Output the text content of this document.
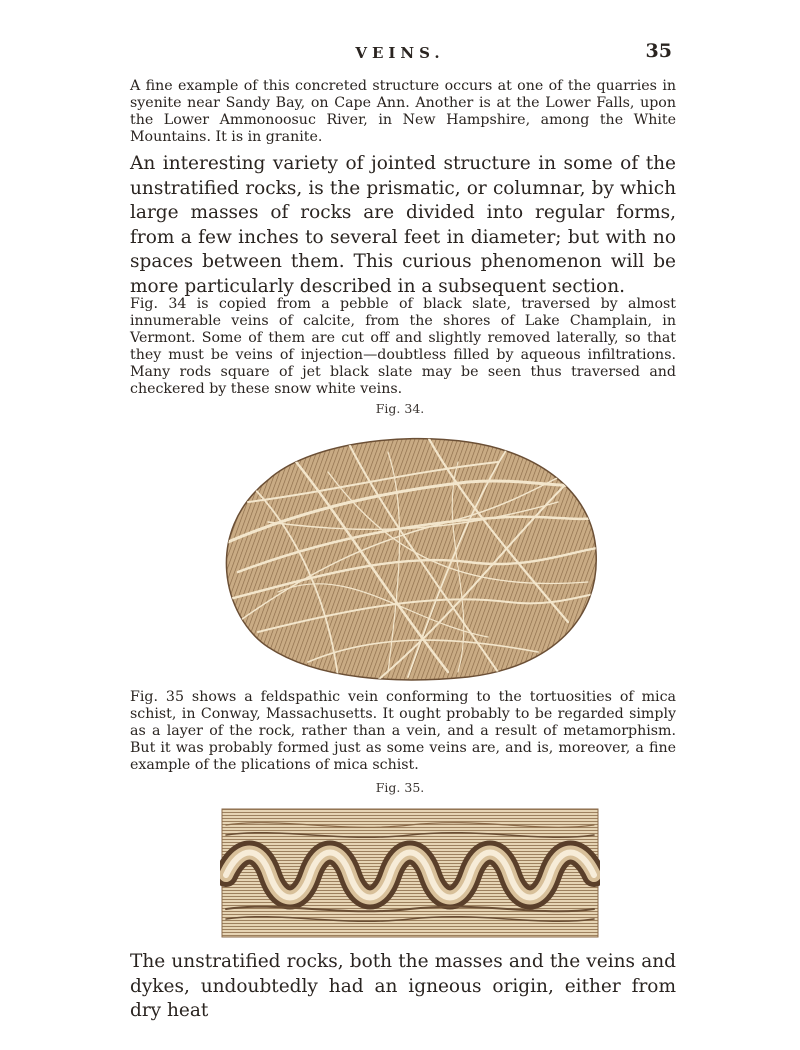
VEINS.	35

A fine example of this concreted structure occurs at one of the quarries in syenite near Sandy Bay, on Cape Ann. Another is at the Lower Falls, upon the Lower Ammonoosuc River, in New Hampshire, among the White Mountains. It is in granite.

An interesting variety of jointed structure in some of the unstratified rocks, is the prismatic, or columnar, by which large masses of rocks are divided into regular forms, from a few inches to several feet in diameter; but with no spaces between them. This curious phenomenon will be more particularly described in a subsequent section.

Fig. 34 is copied from a pebble of black slate, traversed by almost innumerable veins of calcite, from the shores of Lake Champlain, in Vermont. Some of them are cut off and slightly removed laterally, so that they must be veins of injection—doubtless filled by aqueous infiltrations. Many rods square of jet black slate may be seen thus traversed and checkered by these snow white veins.

Fig. 34.

Fig. 35 shows a feldspathic vein conforming to the tortuosities of mica schist, in Conway, Massachusetts. It ought probably to be regarded simply as a layer of the rock, rather than a vein, and a result of metamorphism. But it was probably formed just as some veins are, and is, moreover, a fine example of the plications of mica schist.

Fig. 35.

The unstratified rocks, both the masses and the veins and dykes, undoubtedly had an igneous origin, either from dry heat
